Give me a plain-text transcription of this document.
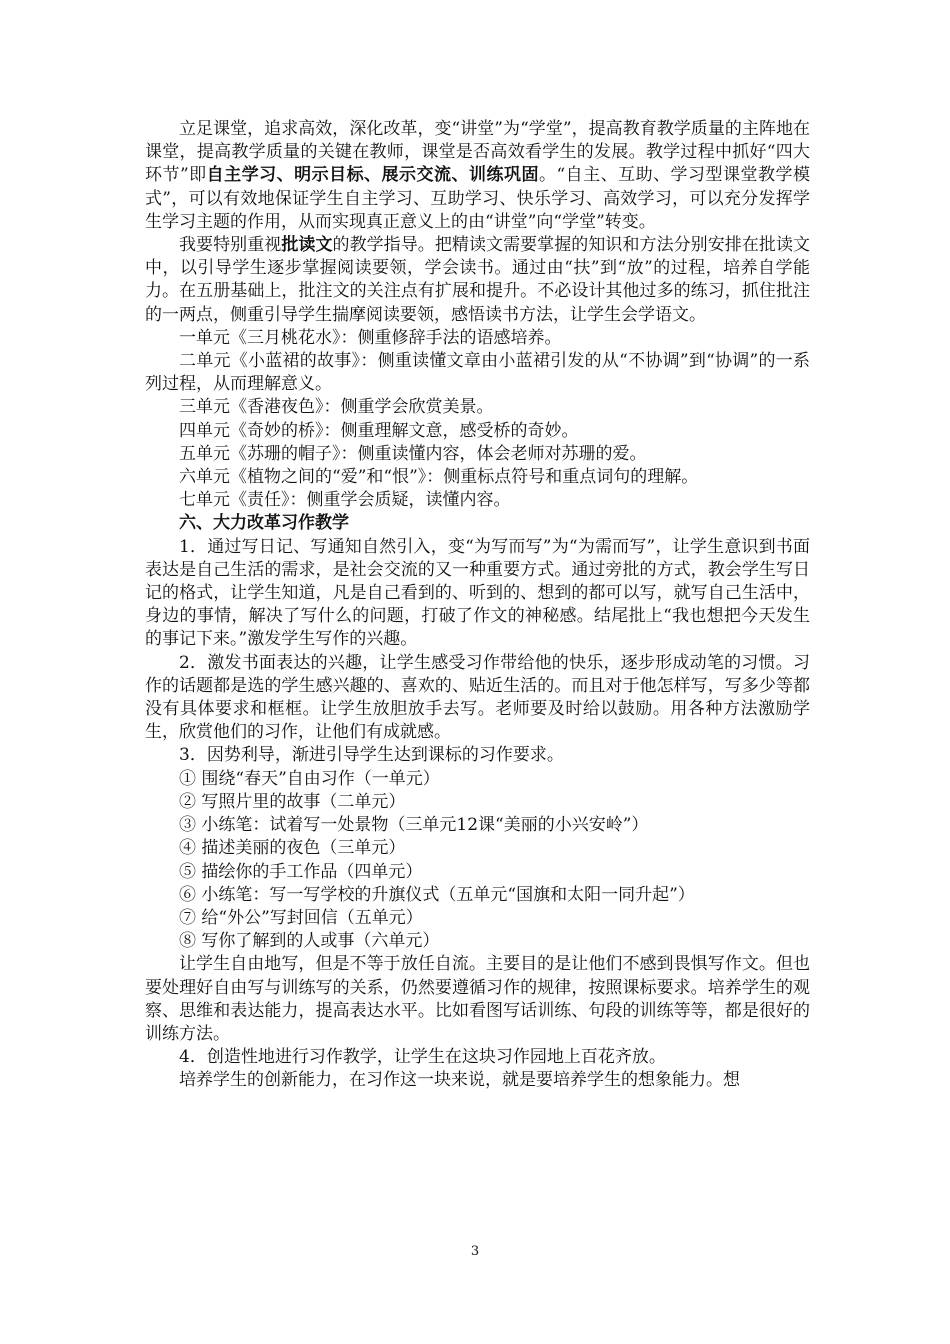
立足课堂，追求高效，深化改革，变“讲堂”为“学堂”，提高教育教学质量的主阵地在课堂，提高教学质量的关键在教师，课堂是否高效看学生的发展。教学过程中抓好“四大环节”即自主学习、明示目标、展示交流、训练巩固。“自主、互助、学习型课堂教学模式”，可以有效地保证学生自主学习、互助学习、快乐学习、高效学习，可以充分发挥学生学习主题的作用，从而实现真正意义上的由“讲堂”向“学堂”转变。

我要特别重视批读文的教学指导。把精读文需要掌握的知识和方法分别安排在批读文中，以引导学生逐步掌握阅读要领，学会读书。通过由“扶”到“放”的过程，培养自学能力。在五册基础上，批注文的关注点有扩展和提升。不必设计其他过多的练习，抓住批注的一两点，侧重引导学生揣摩阅读要领，感悟读书方法，让学生会学语文。

一单元《三月桃花水》：侧重修辞手法的语感培养。

二单元《小蓝裙的故事》：侧重读懂文章由小蓝裙引发的从“不协调”到“协调”的一系列过程，从而理解意义。

三单元《香港夜色》：侧重学会欣赏美景。

四单元《奇妙的桥》：侧重理解文意，感受桥的奇妙。

五单元《苏珊的帽子》：侧重读懂内容，体会老师对苏珊的爱。

六单元《植物之间的“爱”和“恨”》：侧重标点符号和重点词句的理解。

七单元《责任》：侧重学会质疑，读懂内容。

六、大力改革习作教学

1．通过写日记、写通知自然引入，变“为写而写”为“为需而写”，让学生意识到书面表达是自己生活的需求，是社会交流的又一种重要方式。通过旁批的方式，教会学生写日记的格式，让学生知道，凡是自己看到的、听到的、想到的都可以写，就写自己生活中，身边的事情，解决了写什么的问题，打破了作文的神秘感。结尾批上“我也想把今天发生的事记下来。”激发学生写作的兴趣。

2．激发书面表达的兴趣，让学生感受习作带给他的快乐，逐步形成动笔的习惯。习作的话题都是选的学生感兴趣的、喜欢的、贴近生活的。而且对于他怎样写，写多少等都没有具体要求和框框。让学生放胆放手去写。老师要及时给以鼓励。用各种方法激励学生，欣赏他们的习作，让他们有成就感。

3．因势利导，渐进引导学生达到课标的习作要求。

① 围绕“春天”自由习作（一单元）

② 写照片里的故事（二单元）

③ 小练笔：试着写一处景物（三单元12课“美丽的小兴安岭”）

④ 描述美丽的夜色（三单元）

⑤ 描绘你的手工作品（四单元）

⑥ 小练笔：写一写学校的升旗仪式（五单元“国旗和太阳一同升起”）

⑦ 给“外公”写封回信（五单元）

⑧ 写你了解到的人或事（六单元）

让学生自由地写，但是不等于放任自流。主要目的是让他们不感到畏惧写作文。但也要处理好自由写与训练写的关系，仍然要遵循习作的规律，按照课标要求。培养学生的观察、思维和表达能力，提高表达水平。比如看图写话训练、句段的训练等等，都是很好的训练方法。

4．创造性地进行习作教学，让学生在这块习作园地上百花齐放。

培养学生的创新能力，在习作这一块来说，就是要培养学生的想象能力。想

3
